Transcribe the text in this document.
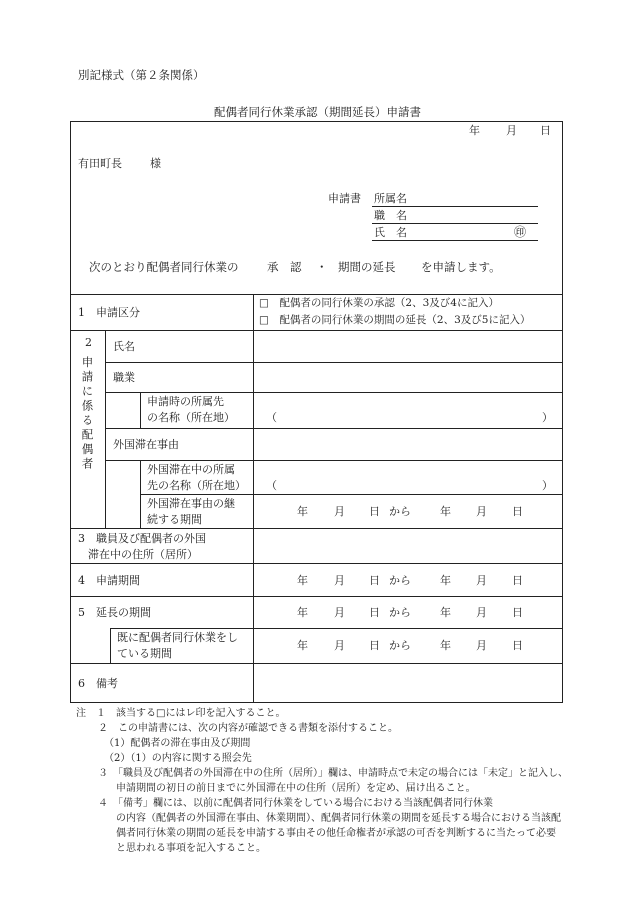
別記様式（第２条関係）
配偶者同行休業承認（期間延長）申請書
年 月 日
有田町長	様
申請書 所属名
職　名
氏　名	㊞
次のとおり配偶者同行休業の 承　認 ・ 期間の延長 を申請します。
1　申請区分
□　配偶者の同行休業の承認（2、3及び4に記入）
□　配偶者の同行休業の期間の延長（2、3及び5に記入）
2
申請に係る配偶者
氏名
職業
申請時の所属先
の名称（所在地）	（	）
外国滞在事由
外国滞在中の所属
先の名称（所在地） （	）
外国滞在事由の継
続する期間
年 月 日 から	年 月 日
3　職員及び配偶者の外国
滞在中の住所（居所）
4　申請期間	年 月 日 から	年 月 日
5　延長の期間	年 月 日 から	年 月 日
既に配偶者同行休業をし
ている期間
年 月 日 から	年 月 日
6　備考
注　１　該当する□にはレ印を記入すること。
２　この申請書には、次の内容が確認できる書類を添付すること。
（1）配偶者の滞在事由及び期間
（2）（1）の内容に関する照会先
３　「職員及び配偶者の外国滞在中の住所（居所）」欄は、申請時点で未定の場合には「未定」と記入し、
申請期間の初日の前日までに外国滞在中の住所（居所）を定め、届け出ること。
４　「備考」欄には、以前に配偶者同行休業をしている場合における当該配偶者同行休業
の内容（配偶者の外国滞在事由、休業期間）、配偶者同行休業の期間を延長する場合における当該配
偶者同行休業の期間の延長を申請する事由その他任命権者が承認の可否を判断するに当たって必要
と思われる事項を記入すること。
